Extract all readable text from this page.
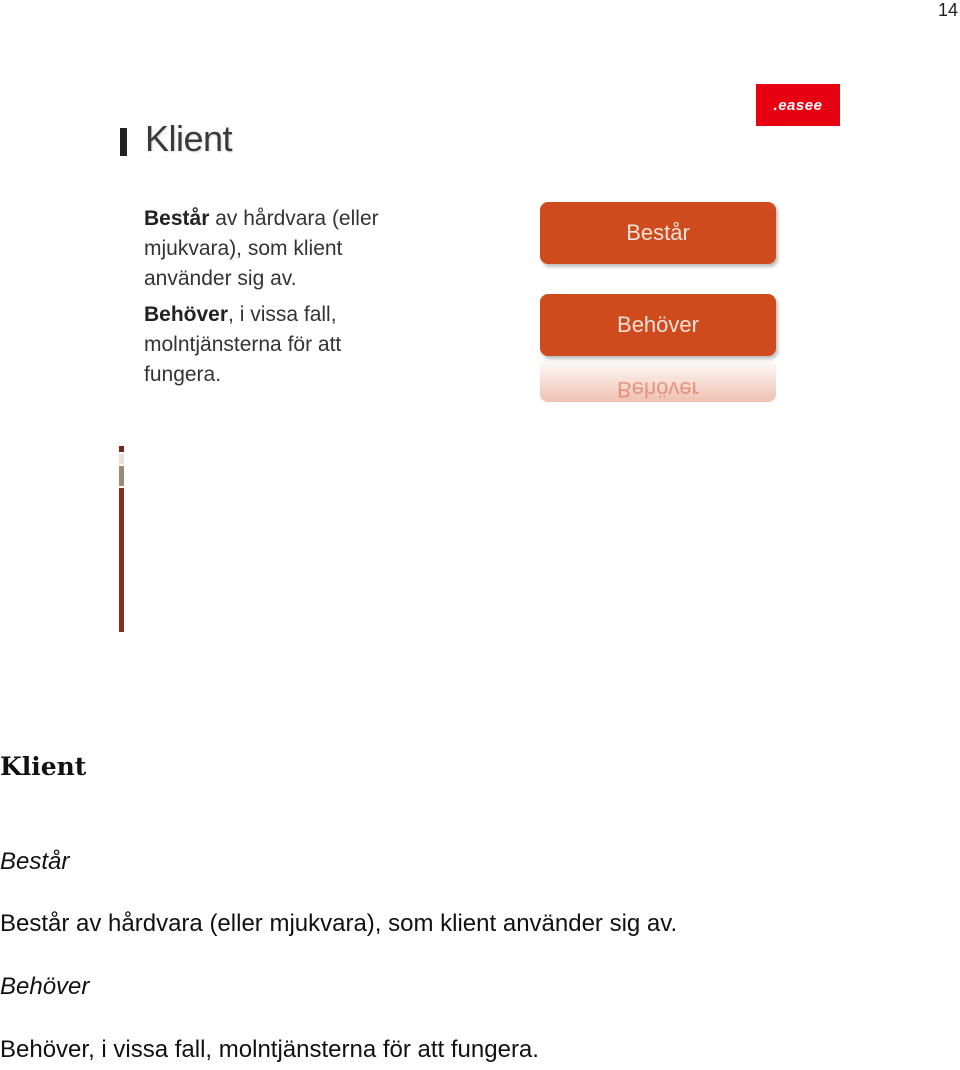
14
Klient
.easee

Består av hårdvara (eller mjukvara), som klient använder sig av.

Behöver, i vissa fall, molntjänsterna för att fungera.

Består
Behöver
Behöver
Klient
Består
Består av hårdvara (eller mjukvara), som klient använder sig av.
Behöver
Behöver, i vissa fall, molntjänsterna för att fungera.
